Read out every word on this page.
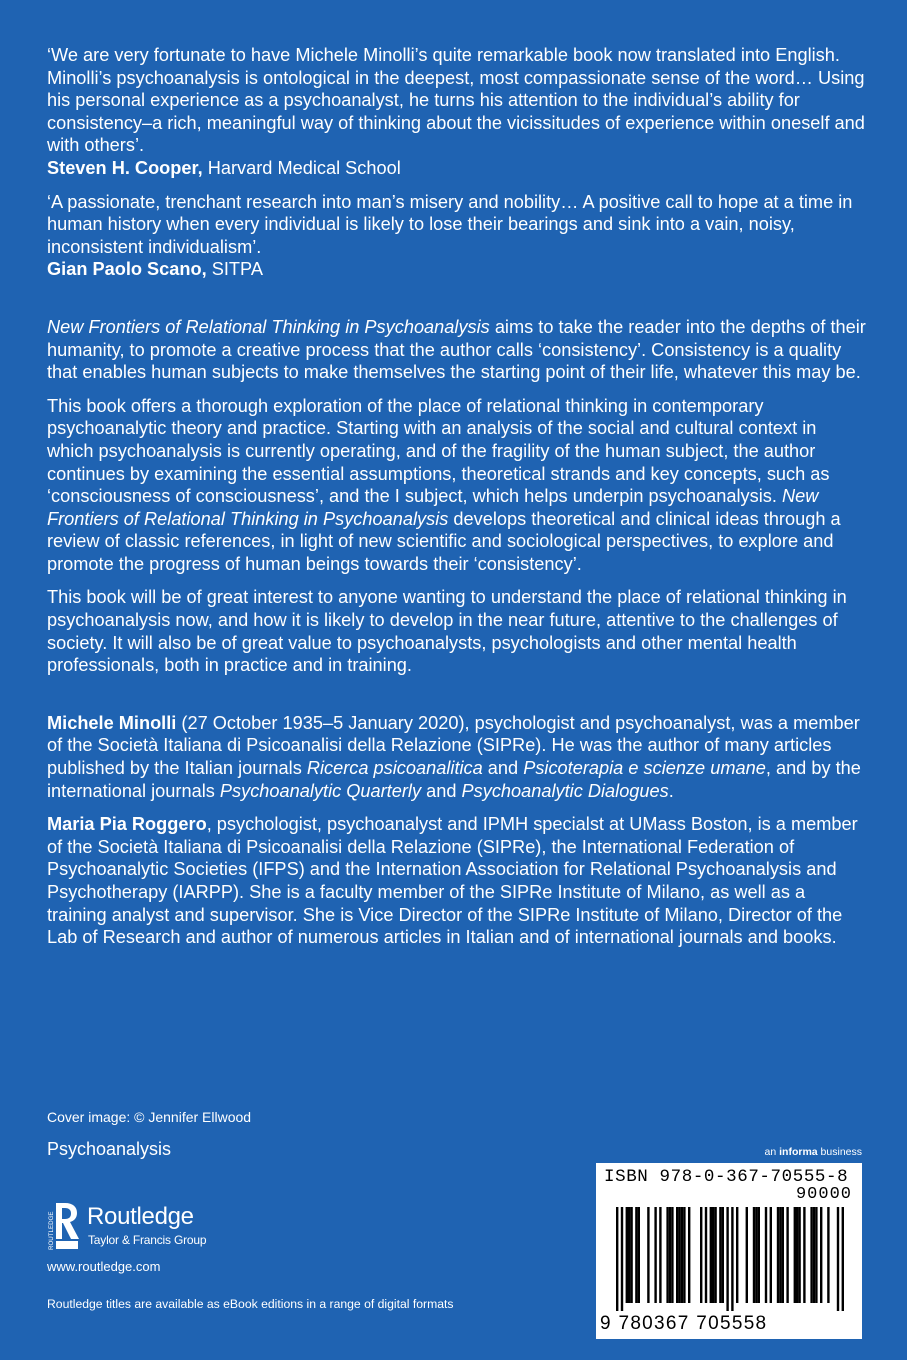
‘We are very fortunate to have Michele Minolli’s quite remarkable book now translated into English. Minolli’s psychoanalysis is ontological in the deepest, most compassionate sense of the word… Using his personal experience as a psychoanalyst, he turns his attention to the individual’s ability for consistency–a rich, meaningful way of thinking about the vicissitudes of experience within oneself and with others’.
Steven H. Cooper, Harvard Medical School

‘A passionate, trenchant research into man’s misery and nobility… A positive call to hope at a time in human history when every individual is likely to lose their bearings and sink into a vain, noisy, inconsistent individualism’.
Gian Paolo Scano, SITPA

New Frontiers of Relational Thinking in Psychoanalysis aims to take the reader into the depths of their humanity, to promote a creative process that the author calls ‘consistency’. Consistency is a quality that enables human subjects to make themselves the starting point of their life, whatever this may be.

This book offers a thorough exploration of the place of relational thinking in contemporary psychoanalytic theory and practice. Starting with an analysis of the social and cultural context in which psychoanalysis is currently operating, and of the fragility of the human subject, the author continues by examining the essential assumptions, theoretical strands and key concepts, such as ‘consciousness of consciousness’, and the I subject, which helps underpin psychoanalysis. New Frontiers of Relational Thinking in Psychoanalysis develops theoretical and clinical ideas through a review of classic references, in light of new scientific and sociological perspectives, to explore and promote the progress of human beings towards their ‘consistency’.

This book will be of great interest to anyone wanting to understand the place of relational thinking in psychoanalysis now, and how it is likely to develop in the near future, attentive to the challenges of society. It will also be of great value to psychoanalysts, psychologists and other mental health professionals, both in practice and in training.

Michele Minolli (27 October 1935–5 January 2020), psychologist and psychoanalyst, was a member of the Società Italiana di Psicoanalisi della Relazione (SIPRe). He was the author of many articles published by the Italian journals Ricerca psicoanalitica and Psicoterapia e scienze umane, and by the international journals Psychoanalytic Quarterly and Psychoanalytic Dialogues.

Maria Pia Roggero, psychologist, psychoanalyst and IPMH specialst at UMass Boston, is a member of the Società Italiana di Psicoanalisi della Relazione (SIPRe), the International Federation of Psychoanalytic Societies (IFPS) and the Internation Association for Relational Psychoanalysis and Psychotherapy (IARPP). She is a faculty member of the SIPRe Institute of Milano, as well as a training analyst and supervisor. She is Vice Director of the SIPRe Institute of Milano, Director of the Lab of Research and author of numerous articles in Italian and of international journals and books.

Cover image: © Jennifer Ellwood
Psychoanalysis
ROUTLEDGE Routledge
Taylor & Francis Group
www.routledge.com
Routledge titles are available as eBook editions in a range of digital formats
an informa business
ISBN 978-0-367-70555-8
90000
9 780367 705558
